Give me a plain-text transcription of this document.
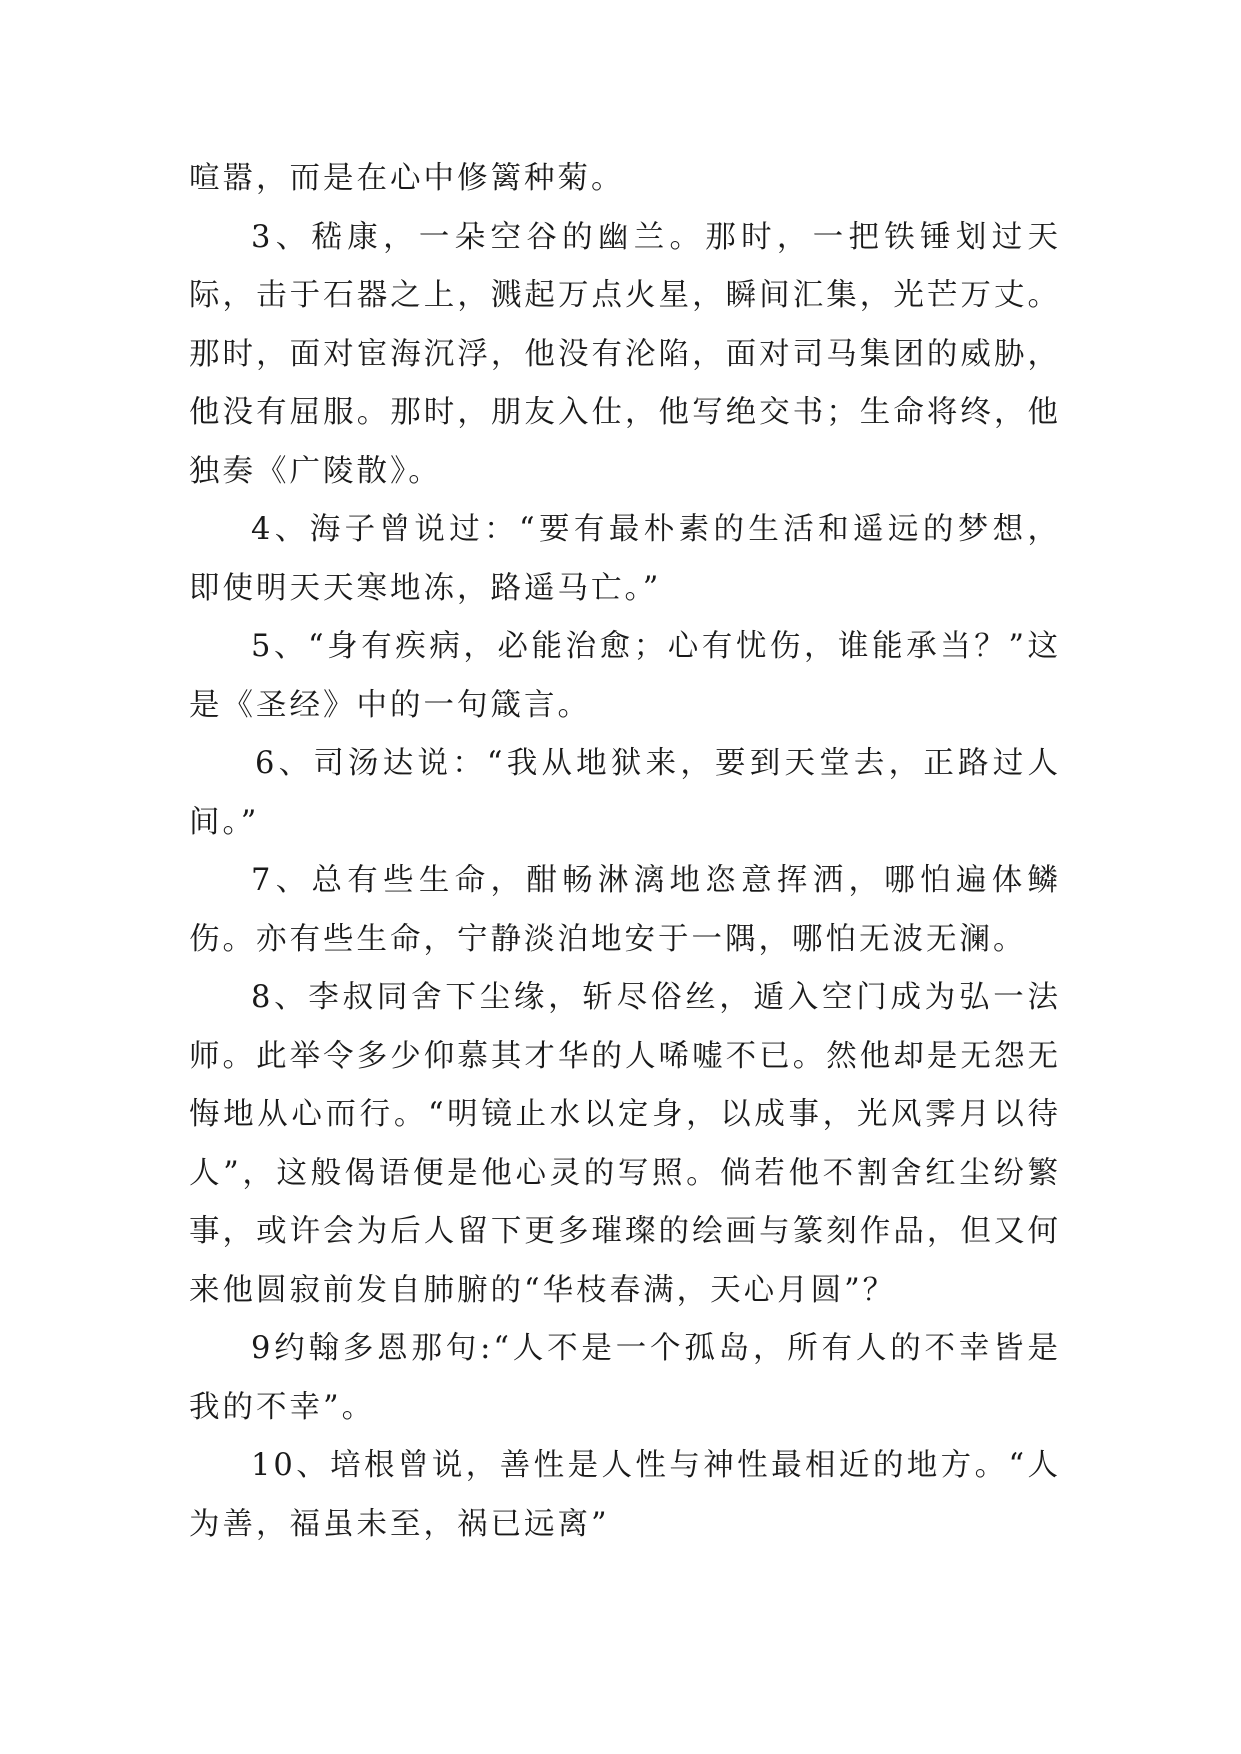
喧嚣，而是在心中修篱种菊。

3、嵇康，一朵空谷的幽兰。那时，一把铁锤划过天际，击于石器之上，溅起万点火星，瞬间汇集，光芒万丈。那时，面对宦海沉浮，他没有沦陷，面对司马集团的威胁，他没有屈服。那时，朋友入仕，他写绝交书；生命将终，他独奏《广陵散》。

4、海子曾说过：“要有最朴素的生活和遥远的梦想，即使明天天寒地冻，路遥马亡。”

5、“身有疾病，必能治愈；心有忧伤，谁能承当？”这是《圣经》中的一句箴言。

6、司汤达说：“我从地狱来，要到天堂去，正路过人间。”

7、总有些生命，酣畅淋漓地恣意挥洒，哪怕遍体鳞伤。亦有些生命，宁静淡泊地安于一隅，哪怕无波无澜。

8、李叔同舍下尘缘，斩尽俗丝，遁入空门成为弘一法师。此举令多少仰慕其才华的人唏嘘不已。然他却是无怨无悔地从心而行。“明镜止水以定身，以成事，光风霁月以待人”，这般偈语便是他心灵的写照。倘若他不割舍红尘纷繁事，或许会为后人留下更多璀璨的绘画与篆刻作品，但又何来他圆寂前发自肺腑的“华枝春满，天心月圆”？

9约翰多恩那句:“人不是一个孤岛，所有人的不幸皆是我的不幸”。

10、培根曾说，善性是人性与神性最相近的地方。“人为善，福虽未至，祸已远离”
